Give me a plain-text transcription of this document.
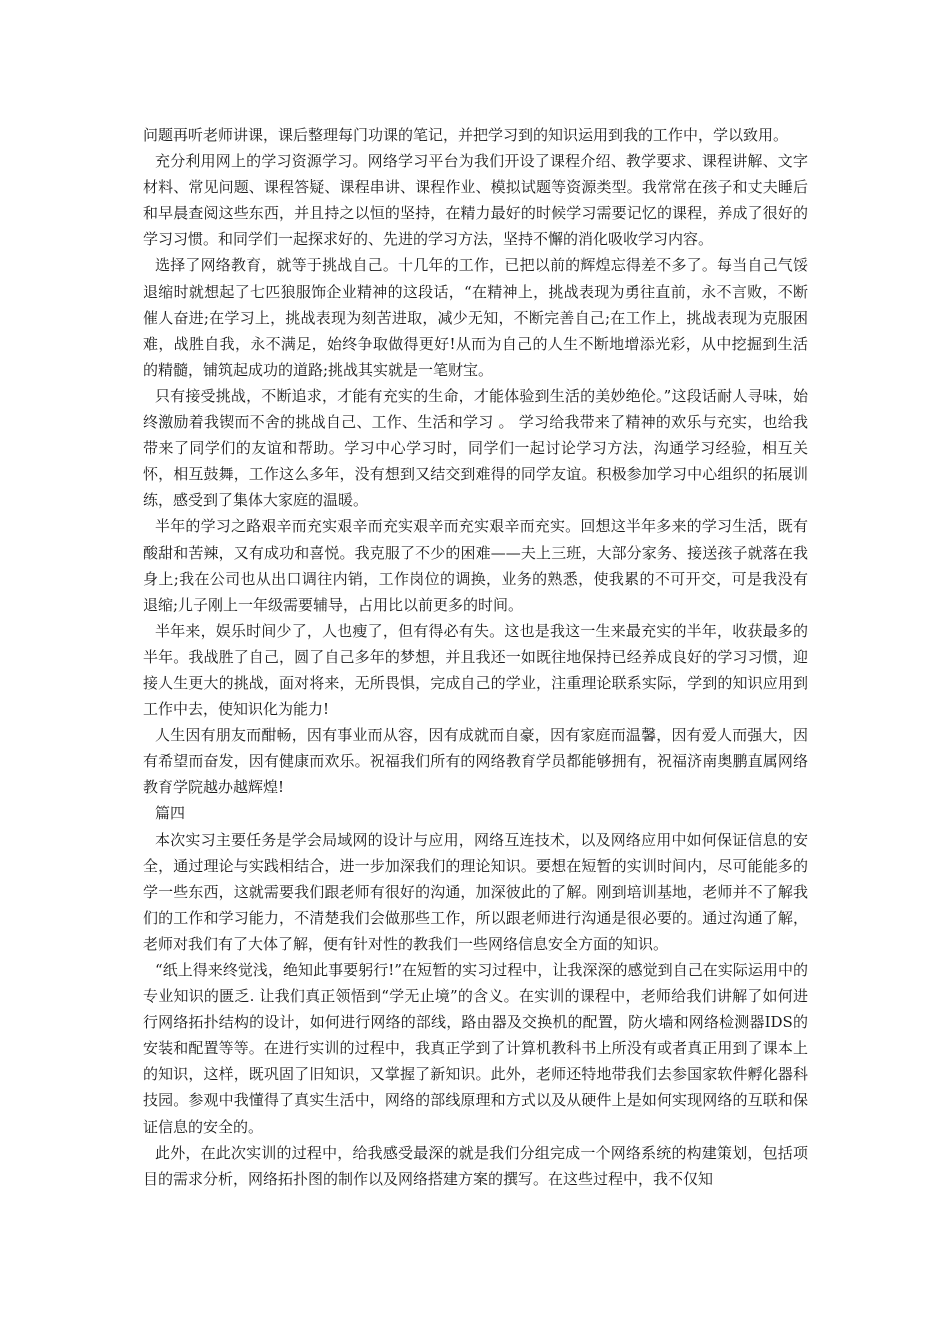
问题再听老师讲课，课后整理每门功课的笔记，并把学习到的知识运用到我的工作中，学以致用。

充分利用网上的学习资源学习。网络学习平台为我们开设了课程介绍、教学要求、课程讲解、文字材料、常见问题、课程答疑、课程串讲、课程作业、模拟试题等资源类型。我常常在孩子和丈夫睡后和早晨查阅这些东西，并且持之以恒的坚持，在精力最好的时候学习需要记忆的课程，养成了很好的学习习惯。和同学们一起探求好的、先进的学习方法，坚持不懈的消化吸收学习内容。

选择了网络教育，就等于挑战自己。十几年的工作，已把以前的辉煌忘得差不多了。每当自己气馁退缩时就想起了七匹狼服饰企业精神的这段话，“在精神上，挑战表现为勇往直前，永不言败，不断催人奋进;在学习上，挑战表现为刻苦进取，减少无知，不断完善自己;在工作上，挑战表现为克服困难，战胜自我，永不满足，始终争取做得更好!从而为自己的人生不断地增添光彩，从中挖掘到生活的精髓，铺筑起成功的道路;挑战其实就是一笔财宝。

只有接受挑战，不断追求，才能有充实的生命，才能体验到生活的美妙绝伦。”这段话耐人寻味，始终激励着我锲而不舍的挑战自己、工作、生活和学习 。 学习给我带来了精神的欢乐与充实，也给我带来了同学们的友谊和帮助。学习中心学习时，同学们一起讨论学习方法，沟通学习经验，相互关怀，相互鼓舞，工作这么多年，没有想到又结交到难得的同学友谊。积极参加学习中心组织的拓展训练，感受到了集体大家庭的温暖。

半年的学习之路艰辛而充实艰辛而充实艰辛而充实艰辛而充实。回想这半年多来的学习生活，既有酸甜和苦辣，又有成功和喜悦。我克服了不少的困难——夫上三班，大部分家务、接送孩子就落在我身上;我在公司也从出口调往内销，工作岗位的调换，业务的熟悉，使我累的不可开交，可是我没有退缩;儿子刚上一年级需要辅导，占用比以前更多的时间。

半年来，娱乐时间少了，人也瘦了，但有得必有失。这也是我这一生来最充实的半年，收获最多的半年。我战胜了自己，圆了自己多年的梦想，并且我还一如既往地保持已经养成良好的学习习惯，迎接人生更大的挑战，面对将来，无所畏惧，完成自己的学业，注重理论联系实际，学到的知识应用到工作中去，使知识化为能力!

人生因有朋友而酣畅，因有事业而从容，因有成就而自豪，因有家庭而温馨，因有爱人而强大，因有希望而奋发，因有健康而欢乐。祝福我们所有的网络教育学员都能够拥有，祝福济南奥鹏直属网络教育学院越办越辉煌!

篇四

本次实习主要任务是学会局域网的设计与应用，网络互连技术，以及网络应用中如何保证信息的安全，通过理论与实践相结合，进一步加深我们的理论知识。要想在短暂的实训时间内，尽可能能多的学一些东西，这就需要我们跟老师有很好的沟通，加深彼此的了解。刚到培训基地，老师并不了解我们的工作和学习能力，不清楚我们会做那些工作，所以跟老师进行沟通是很必要的。通过沟通了解，老师对我们有了大体了解，便有针对性的教我们一些网络信息安全方面的知识。

“纸上得来终觉浅，绝知此事要躬行!”在短暂的实习过程中，让我深深的感觉到自己在实际运用中的专业知识的匮乏. 让我们真正领悟到“学无止境”的含义。在实训的课程中，老师给我们讲解了如何进行网络拓扑结构的设计，如何进行网络的部线，路由器及交换机的配置，防火墙和网络检测器IDS的安装和配置等等。在进行实训的过程中，我真正学到了计算机教科书上所没有或者真正用到了课本上的知识，这样，既巩固了旧知识，又掌握了新知识。此外，老师还特地带我们去参国家软件孵化器科技园。参观中我懂得了真实生活中，网络的部线原理和方式以及从硬件上是如何实现网络的互联和保证信息的安全的。

此外，在此次实训的过程中，给我感受最深的就是我们分组完成一个网络系统的构建策划，包括项目的需求分析，网络拓扑图的制作以及网络搭建方案的撰写。在这些过程中，我不仅知
